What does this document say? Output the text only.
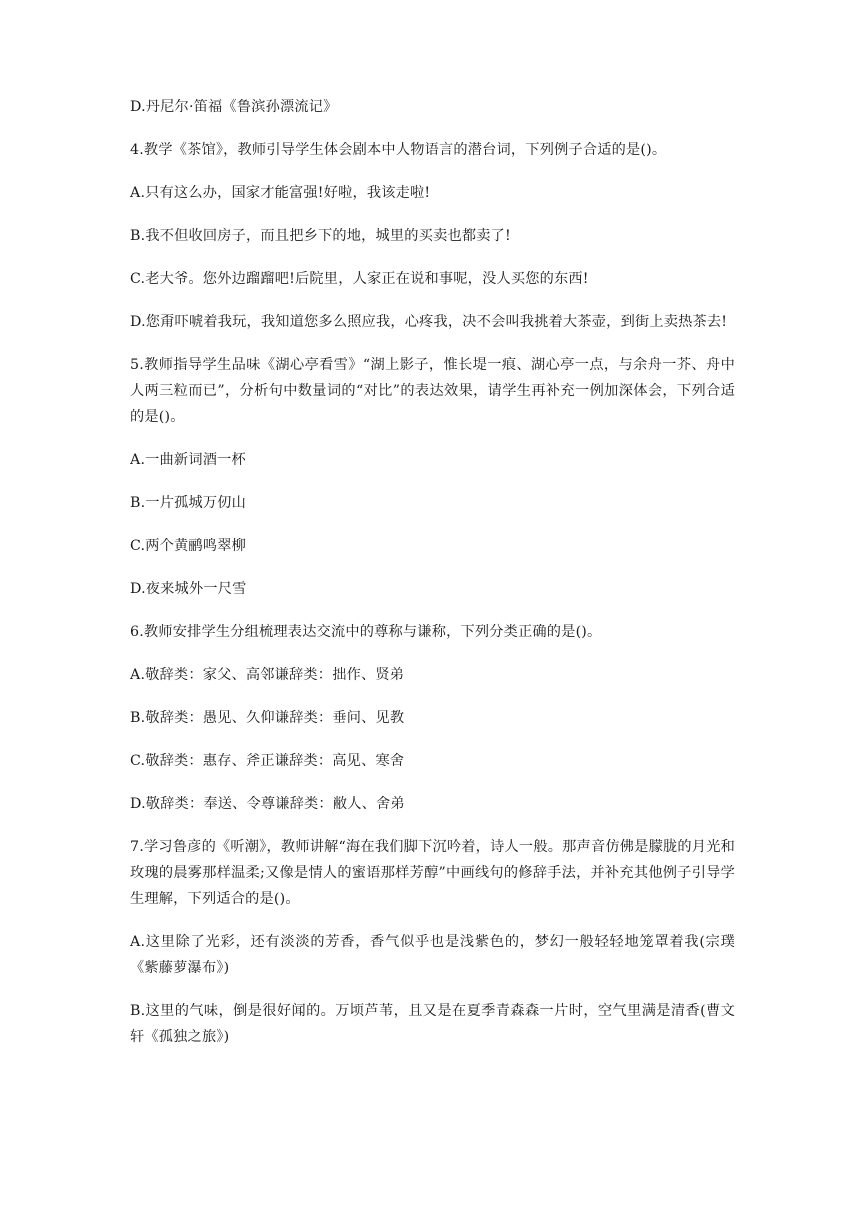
D.丹尼尔·笛福《鲁滨孙漂流记》

4.教学《茶馆》，教师引导学生体会剧本中人物语言的潜台词，下列例子合适的是()。

A.只有这么办，国家才能富强!好啦，我该走啦!

B.我不但收回房子，而且把乡下的地，城里的买卖也都卖了!

C.老大爷。您外边蹓蹓吧!后院里，人家正在说和事呢，没人买您的东西!

D.您甭吓唬着我玩，我知道您多么照应我，心疼我，决不会叫我挑着大茶壶，到街上卖热茶去!

5.教师指导学生品味《湖心亭看雪》“湖上影子，惟长堤一痕、湖心亭一点，与余舟一芥、舟中人两三粒而已”，分析句中数量词的“对比”的表达效果，请学生再补充一例加深体会，下列合适的是()。

A.一曲新词酒一杯

B.一片孤城万仞山

C.两个黄鹂鸣翠柳

D.夜来城外一尺雪

6.教师安排学生分组梳理表达交流中的尊称与谦称，下列分类正确的是()。

A.敬辞类：家父、高邻谦辞类：拙作、贤弟

B.敬辞类：愚见、久仰谦辞类：垂问、见教

C.敬辞类：惠存、斧正谦辞类：高见、寒舍

D.敬辞类：奉送、令尊谦辞类：敝人、舍弟

7.学习鲁彦的《听潮》，教师讲解“海在我们脚下沉吟着，诗人一般。那声音仿佛是朦胧的月光和玫瑰的晨雾那样温柔;又像是情人的蜜语那样芳醇”中画线句的修辞手法，并补充其他例子引导学生理解，下列适合的是()。

A.这里除了光彩，还有淡淡的芳香，香气似乎也是浅紫色的，梦幻一般轻轻地笼罩着我(宗璞《紫藤萝瀑布》)

B.这里的气味，倒是很好闻的。万顷芦苇，且又是在夏季青森森一片时，空气里满是清香(曹文轩《孤独之旅》)
